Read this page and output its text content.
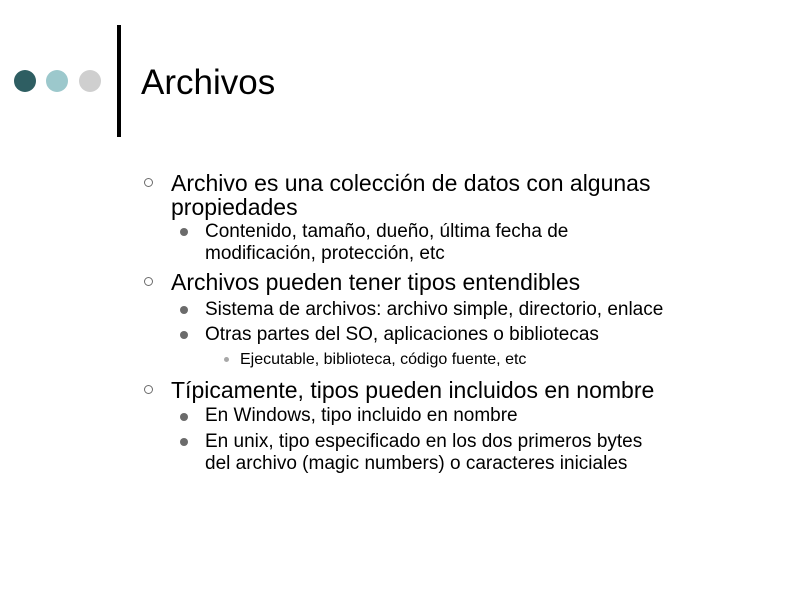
Archivos
Archivo es una colección de datos con algunas
propiedades
Contenido, tamaño, dueño, última fecha de
modificación, protección, etc
Archivos pueden tener tipos entendibles
Sistema de archivos: archivo simple, directorio, enlace
Otras partes del SO, aplicaciones o bibliotecas
Ejecutable, biblioteca, código fuente, etc
Típicamente, tipos pueden incluidos en nombre
En Windows, tipo incluido en nombre
En unix, tipo especificado en los dos primeros bytes
del archivo (magic numbers) o caracteres iniciales
